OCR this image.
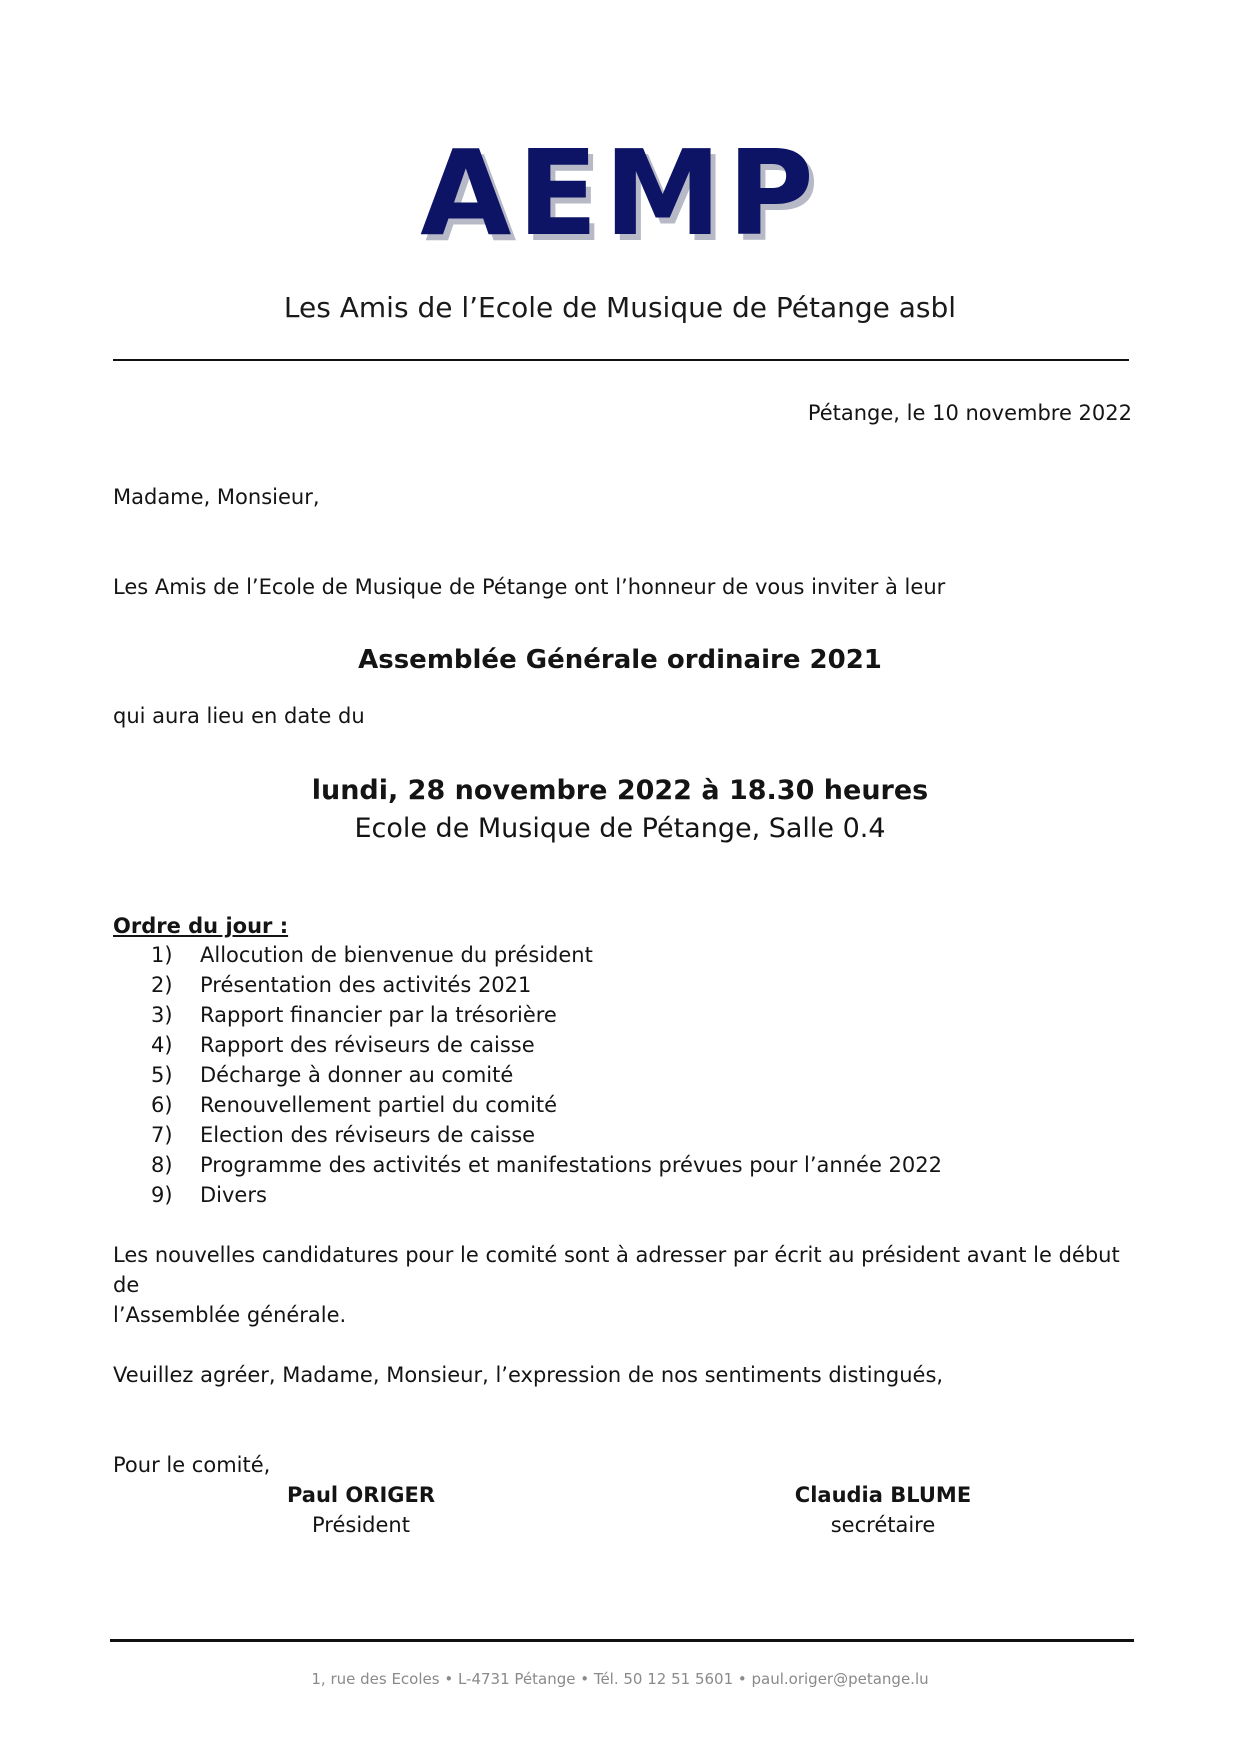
AEMP
Les Amis de l’Ecole de Musique de Pétange asbl
Pétange, le 10 novembre 2022
Madame, Monsieur,
Les Amis de l’Ecole de Musique de Pétange ont l’honneur de vous inviter à leur
Assemblée Générale ordinaire 2021
qui aura lieu en date du
lundi, 28 novembre 2022 à 18.30 heures
Ecole de Musique de Pétange, Salle 0.4
Ordre du jour :
1)	Allocution de bienvenue du président
2)	Présentation des activités 2021
3)	Rapport financier par la trésorière
4)	Rapport des réviseurs de caisse
5)	Décharge à donner au comité
6)	Renouvellement partiel du comité
7)	Election des réviseurs de caisse
8)	Programme des activités et manifestations prévues pour l’année 2022
9)	Divers
Les nouvelles candidatures pour le comité sont à adresser par écrit au président avant le début de
l’Assemblée générale.
Veuillez agréer, Madame, Monsieur, l’expression de nos sentiments distingués,
Pour le comité,
Paul ORIGER
Président
Claudia BLUME
secrétaire
1, rue des Ecoles • L-4731 Pétange • Tél. 50 12 51 5601 • paul.origer@petange.lu
